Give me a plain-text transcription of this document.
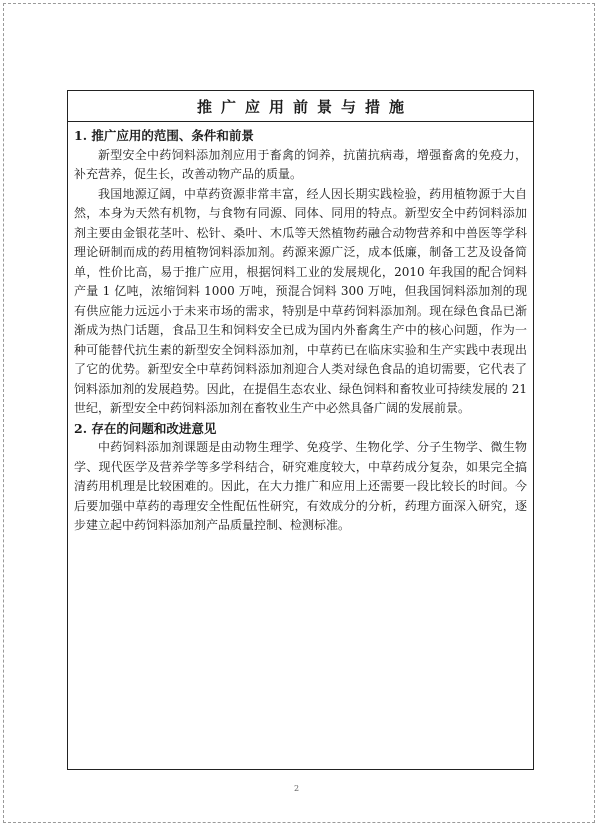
推广应用前景与措施
1. 推广应用的范围、条件和前景

新型安全中药饲料添加剂应用于畜禽的饲养，抗菌抗病毒，增强畜禽的免疫力，补充营养，促生长，改善动物产品的质量。

我国地源辽阔，中草药资源非常丰富，经人因长期实践检验，药用植物源于大自然，本身为天然有机物，与食物有同源、同体、同用的特点。新型安全中药饲料添加剂主要由金银花茎叶、松针、桑叶、木瓜等天然植物药融合动物营养和中兽医等学科理论研制而成的药用植物饲料添加剂。药源来源广泛，成本低廉，制备工艺及设备简单，性价比高，易于推广应用，根据饲料工业的发展规化，2010 年我国的配合饲料产量 1 亿吨，浓缩饲料 1000 万吨，预混合饲料 300 万吨，但我国饲料添加剂的现有供应能力远远小于未来市场的需求，特别是中草药饲料添加剂。现在绿色食品已渐渐成为热门话题，食品卫生和饲料安全已成为国内外畜禽生产中的核心问题，作为一种可能替代抗生素的新型安全饲料添加剂，中草药已在临床实验和生产实践中表现出了它的优势。新型安全中草药饲料添加剂迎合人类对绿色食品的追切需要，它代表了饲料添加剂的发展趋势。因此，在提倡生态农业、绿色饲料和畜牧业可持续发展的 21 世纪，新型安全中药饲料添加剂在畜牧业生产中必然具备广阔的发展前景。

2. 存在的问题和改进意见

中药饲料添加剂课题是由动物生理学、免疫学、生物化学、分子生物学、微生物学、现代医学及营养学等多学科结合，研究难度较大，中草药成分复杂，如果完全搞清药用机理是比较困难的。因此，在大力推广和应用上还需要一段比较长的时间。今后要加强中草药的毒理安全性配伍性研究，有效成分的分析，药理方面深入研究，逐步建立起中药饲料添加剂产品质量控制、检测标准。

2
